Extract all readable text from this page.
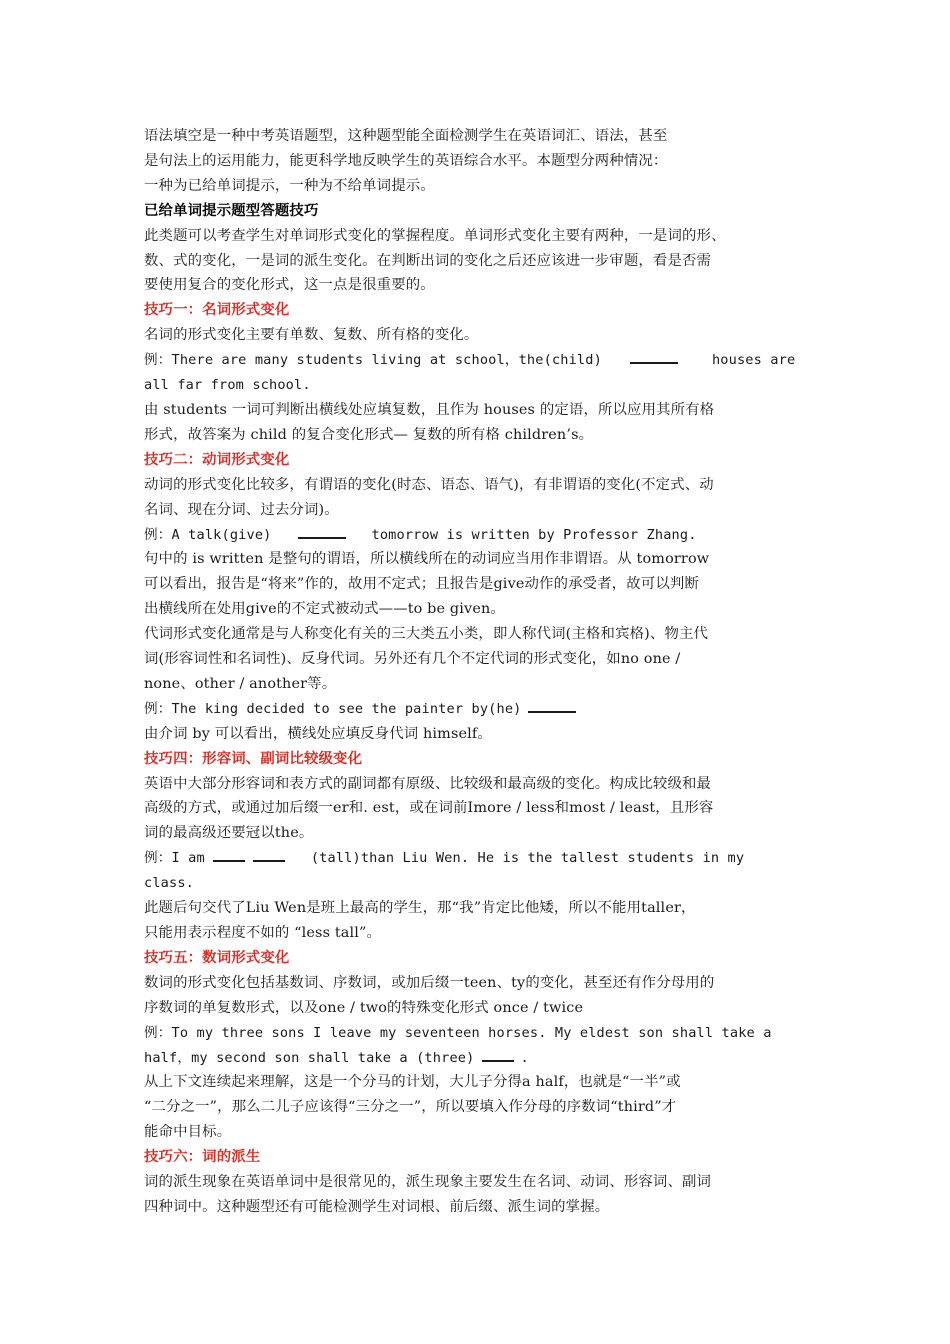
语法填空是一种中考英语题型，这种题型能全面检测学生在英语词汇、语法，甚至

是句法上的运用能力，能更科学地反映学生的英语综合水平。本题型分两种情况：

一种为已给单词提示，一种为不给单词提示。

已给单词提示题型答题技巧

此类题可以考查学生对单词形式变化的掌握程度。单词形式变化主要有两种，一是词的形、

数、式的变化，一是词的派生变化。在判断出词的变化之后还应该进一步审题，看是否需

要使用复合的变化形式，这一点是很重要的。

技巧一：名词形式变化

名词的形式变化主要有单数、复数、所有格的变化。

例：There are many students living at school，the(child)	houses are

all far from school.

由 students 一词可判断出横线处应填复数，且作为 houses 的定语，所以应用其所有格

形式，故答案为 child 的复合变化形式— 复数的所有格 children’s。

技巧二：动词形式变化

动词的形式变化比较多，有谓语的变化(时态、语态、语气)，有非谓语的变化(不定式、动

名词、现在分词、过去分词)。

例：A talk(give)	tomorrow is written by Professor Zhang.

句中的 is written 是整句的谓语，所以横线所在的动词应当用作非谓语。从 tomorrow

可以看出，报告是“将来”作的，故用不定式；且报告是give动作的承受者，故可以判断

出横线所在处用give的不定式被动式——to be given。

代词形式变化通常是与人称变化有关的三大类五小类，即人称代词(主格和宾格)、物主代

词(形容词性和名词性)、反身代词。另外还有几个不定代词的形式变化，如no one /

none、other / another等。

例：The king decided to see the painter by(he)

由介词 by 可以看出，横线处应填反身代词 himself。

技巧四：形容词、副词比较级变化

英语中大部分形容词和表方式的副词都有原级、比较级和最高级的变化。构成比较级和最

高级的方式，或通过加后缀一er和. est，或在词前Imore / less和most / least，且形容

词的最高级还要冠以the。

例：I am	(tall)than Liu Wen. He is the tallest students in my

class.

此题后句交代了Liu Wen是班上最高的学生，那“我”肯定比他矮，所以不能用taller，

只能用表示程度不如的 “less tall”。

技巧五：数词形式变化

数词的形式变化包括基数词、序数词，或加后缀一teen、ty的变化，甚至还有作分母用的

序数词的单复数形式，以及one / two的特殊变化形式 once / twice

例：To my three sons I leave my seventeen horses. My eldest son shall take a

half，my second son shall take a (three)	.

从上下文连续起来理解，这是一个分马的计划，大儿子分得a half，也就是“一半”或

“二分之一”，那么二儿子应该得“三分之一”，所以要填入作分母的序数词“third”才

能命中目标。

技巧六：词的派生

词的派生现象在英语单词中是很常见的，派生现象主要发生在名词、动词、形容词、副词

四种词中。这种题型还有可能检测学生对词根、前后缀、派生词的掌握。
